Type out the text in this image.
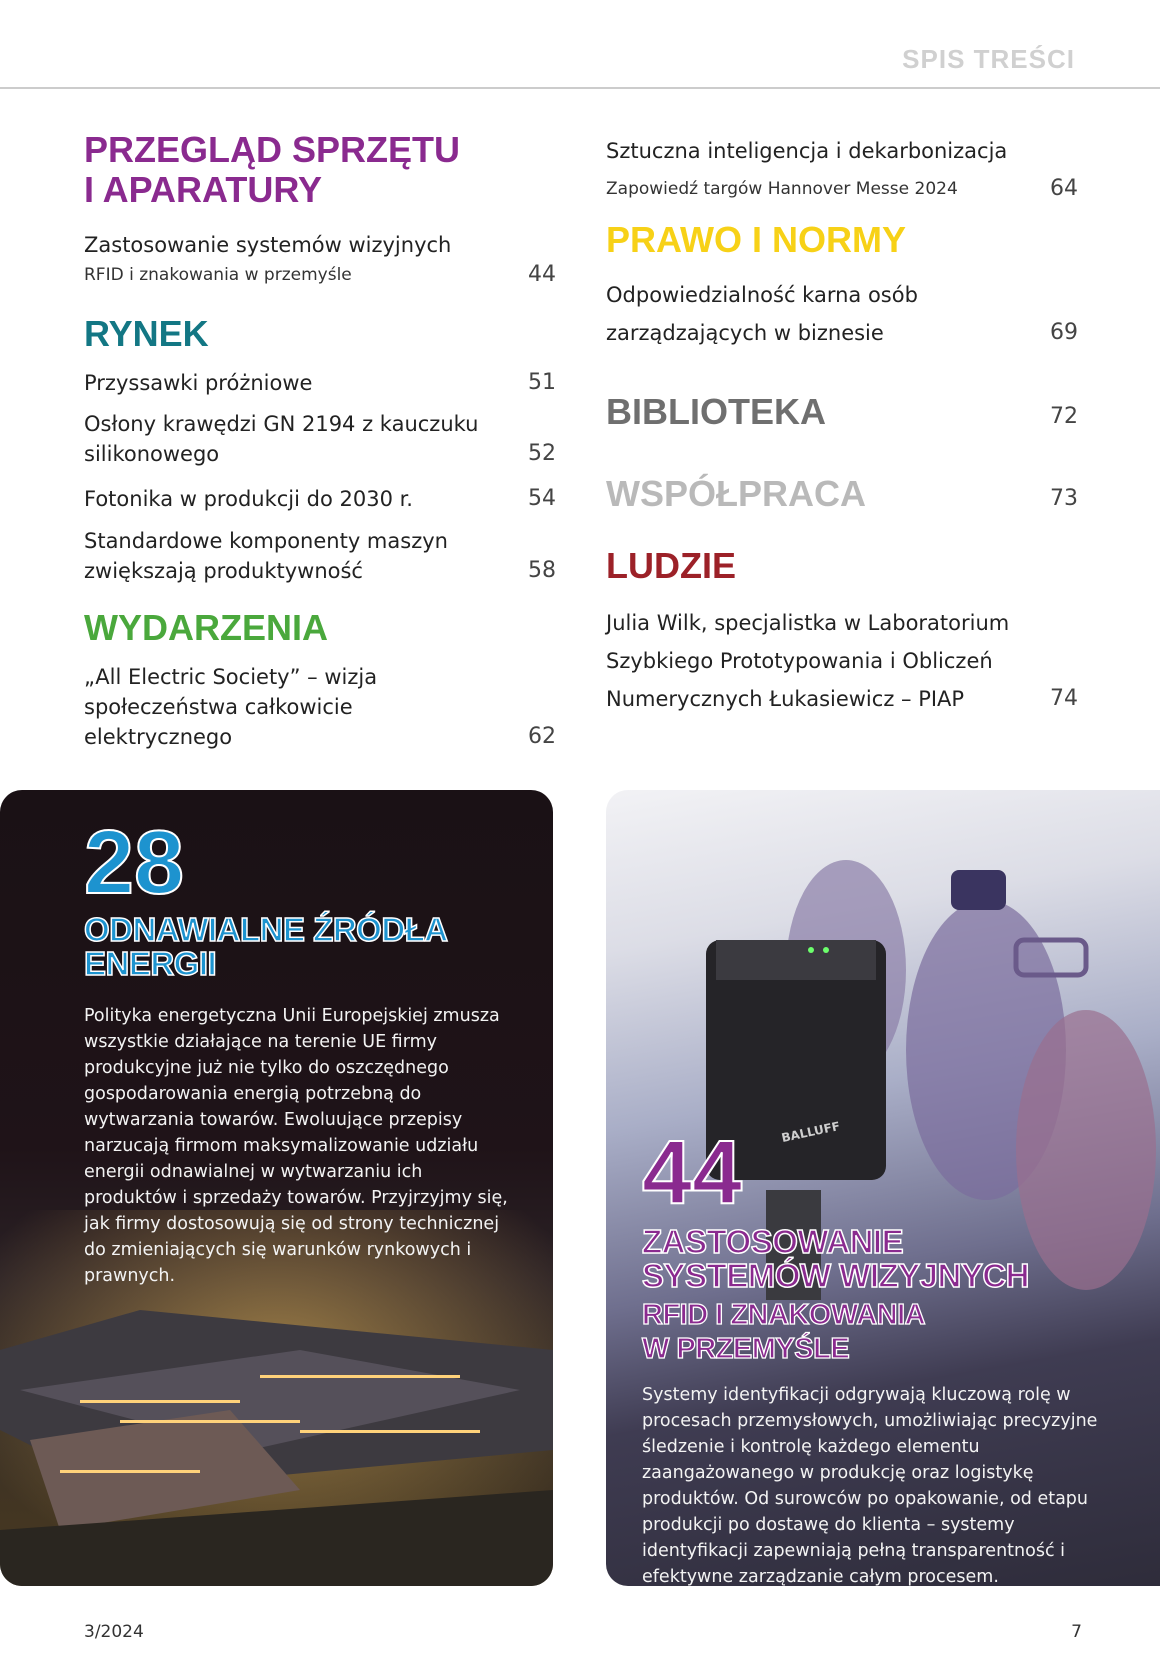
SPIS TREŚCI
PRZEGLĄD SPRZĘTU
I APARATURY
Zastosowanie systemów wizyjnych
RFID i znakowania w przemyśle	44
RYNEK
Przyssawki próżniowe	51
Osłony krawędzi GN 2194 z kauczuku silikonowego	52
Fotonika w produkcji do 2030 r.	54
Standardowe komponenty maszyn zwiększają produktywność	58
WYDARZENIA
„All Electric Society” – wizja społeczeństwa całkowicie elektrycznego	62
Sztuczna inteligencja i dekarbonizacja
Zapowiedź targów Hannover Messe 2024	64
PRAWO I NORMY
Odpowiedzialność karna osób zarządzających w biznesie	69
BIBLIOTEKA	72
WSPÓŁPRACA	73
LUDZIE
Julia Wilk, specjalistka w Laboratorium Szybkiego Prototypowania i Obliczeń Numerycznych Łukasiewicz – PIAP	74
28
ODNAWIALNE ŹRÓDŁA
ENERGII
Polityka energetyczna Unii Europejskiej zmusza wszystkie działające na terenie UE firmy produkcyjne już nie tylko do oszczędnego gospodarowania energią potrzebną do wytwarzania towarów. Ewoluujące przepisy narzucają firmom maksymalizowanie udziału energii odnawialnej w wytwarzaniu ich produktów i sprzedaży towarów. Przyjrzyjmy się, jak firmy dostosowują się od strony technicznej do zmieniających się warunków rynkowych i prawnych.
BALLUFF
44
ZASTOSOWANIE
SYSTEMÓW WIZYJNYCH
RFID I ZNAKOWANIA
W PRZEMYŚLE
Systemy identyfikacji odgrywają kluczową rolę w procesach przemysłowych, umożliwiając precyzyjne śledzenie i kontrolę każdego elementu zaangażowanego w produkcję oraz logistykę produktów. Od surowców po opakowanie, od etapu produkcji po dostawę do klienta – systemy identyfikacji zapewniają pełną transparentność i efektywne zarządzanie całym procesem.
3/2024	7
